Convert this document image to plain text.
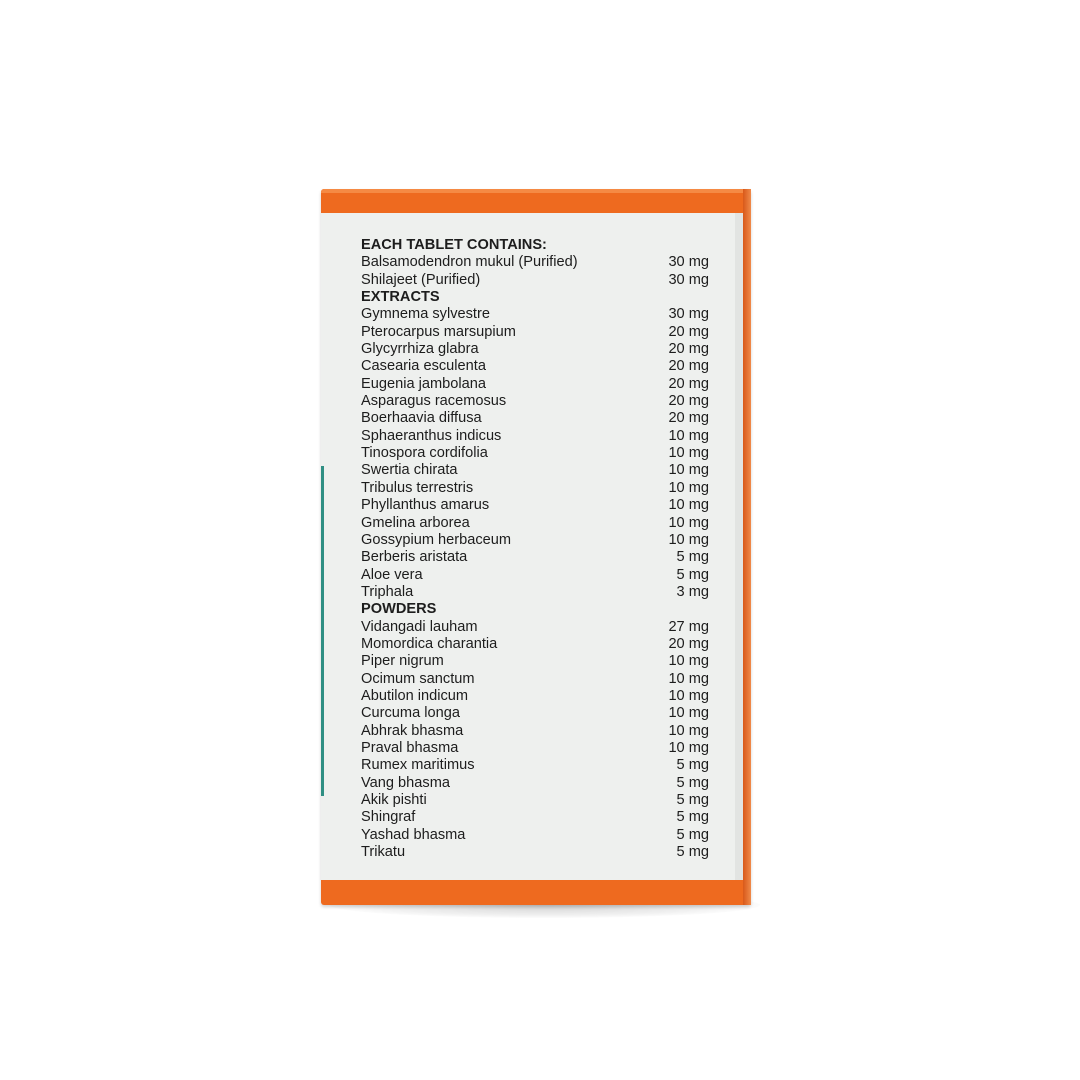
EACH TABLET CONTAINS:
Balsamodendron mukul (Purified)	30 mg
Shilajeet (Purified)	30 mg
EXTRACTS
Gymnema sylvestre	30 mg
Pterocarpus marsupium	20 mg
Glycyrrhiza glabra	20 mg
Casearia esculenta	20 mg
Eugenia jambolana	20 mg
Asparagus racemosus	20 mg
Boerhaavia diffusa	20 mg
Sphaeranthus indicus	10 mg
Tinospora cordifolia	10 mg
Swertia chirata	10 mg
Tribulus terrestris	10 mg
Phyllanthus amarus	10 mg
Gmelina arborea	10 mg
Gossypium herbaceum	10 mg
Berberis aristata	5 mg
Aloe vera	5 mg
Triphala	3 mg
POWDERS
Vidangadi lauham	27 mg
Momordica charantia	20 mg
Piper nigrum	10 mg
Ocimum sanctum	10 mg
Abutilon indicum	10 mg
Curcuma longa	10 mg
Abhrak bhasma	10 mg
Praval bhasma	10 mg
Rumex maritimus	5 mg
Vang bhasma	5 mg
Akik pishti	5 mg
Shingraf	5 mg
Yashad bhasma	5 mg
Trikatu	5 mg
